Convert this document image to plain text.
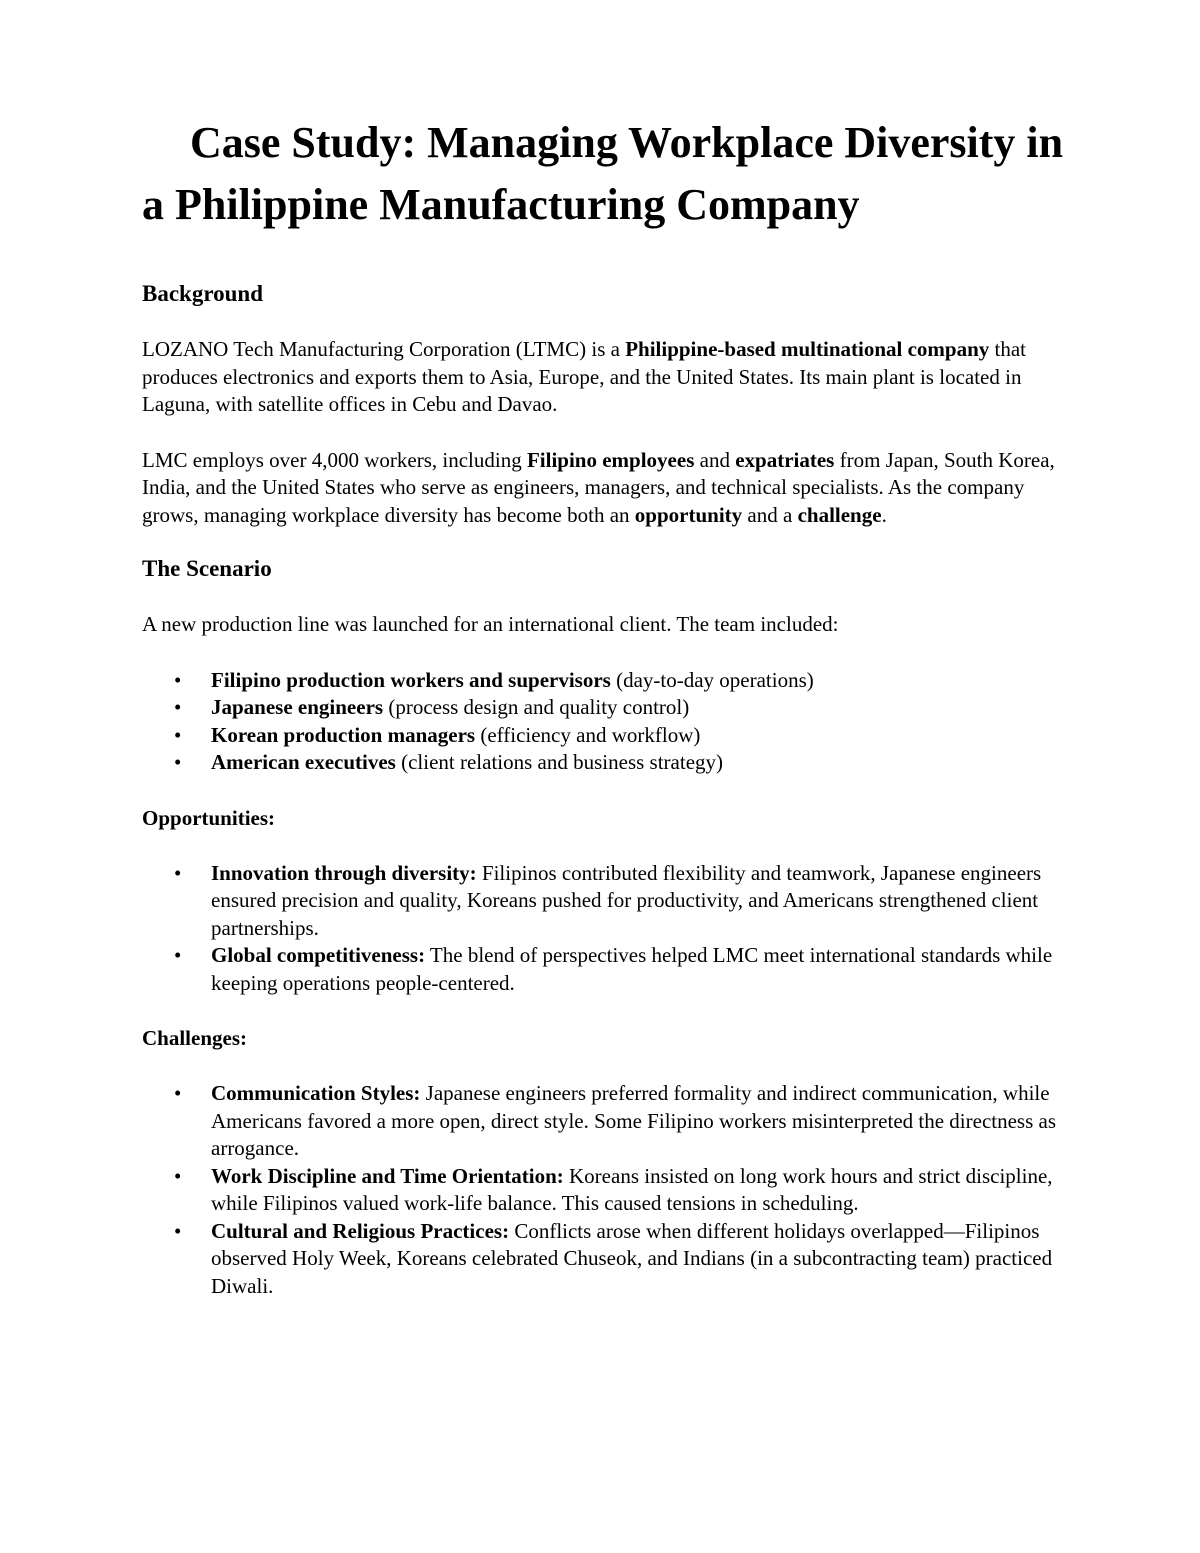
Case Study: Managing Workplace Diversity in a Philippine Manufacturing Company
Background

LOZANO Tech Manufacturing Corporation (LTMC) is a Philippine-based multinational company that produces electronics and exports them to Asia, Europe, and the United States. Its main plant is located in Laguna, with satellite offices in Cebu and Davao.

LMC employs over 4,000 workers, including Filipino employees and expatriates from Japan, South Korea, India, and the United States who serve as engineers, managers, and technical specialists. As the company grows, managing workplace diversity has become both an opportunity and a challenge.

The Scenario

A new production line was launched for an international client. The team included:

• Filipino production workers and supervisors (day-to-day operations)
• Japanese engineers (process design and quality control)
• Korean production managers (efficiency and workflow)
• American executives (client relations and business strategy)
Opportunities:
• Innovation through diversity: Filipinos contributed flexibility and teamwork, Japanese engineers ensured precision and quality, Koreans pushed for productivity, and Americans strengthened client partnerships.
• Global competitiveness: The blend of perspectives helped LMC meet international standards while keeping operations people-centered.
Challenges:
• Communication Styles: Japanese engineers preferred formality and indirect communication, while Americans favored a more open, direct style. Some Filipino workers misinterpreted the directness as arrogance.
• Work Discipline and Time Orientation: Koreans insisted on long work hours and strict discipline, while Filipinos valued work-life balance. This caused tensions in scheduling.
• Cultural and Religious Practices: Conflicts arose when different holidays overlapped—Filipinos observed Holy Week, Koreans celebrated Chuseok, and Indians (in a subcontracting team) practiced Diwali.
